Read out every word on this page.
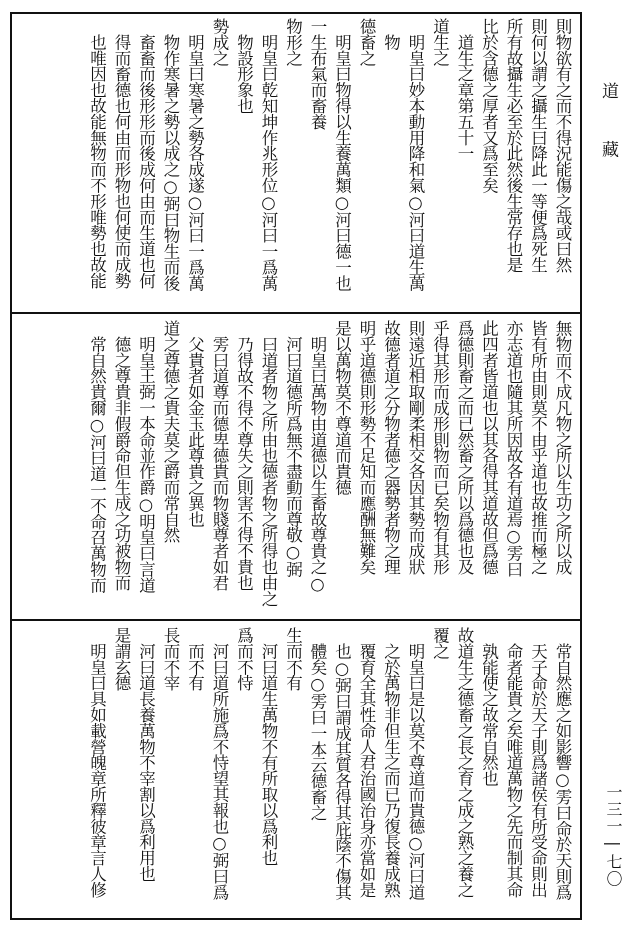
則物欲有之而不得況能傷之哉或曰然
則何以謂之攝生曰降此一等便爲死生
所有故攝生必至於此然後生常存也是
比於含德之厚者又爲至矣
　道生之章第五十一
道生之
　明皇曰妙本動用降和氣○河曰道生萬
　物
德畜之
　明皇曰物得以生養萬類○河曰德一也
一生布氣而畜養
物形之
　明皇曰乾知坤作兆形位○河曰一爲萬
　物設形象也
勢成之
　明皇曰寒暑之勢各成遂○河曰一爲萬
　物作寒暑之勢以成之○弼曰物生而後
　畜畜而後形形而後成何由而生道也何
　得而畜德也何由而形物也何使而成勢
　也唯因也故能無物而不形唯勢也故能
無物而不成凡物之所以生功之所以成
皆有所由則莫不由乎道也故推而極之
亦志道也隨其所因故各有道焉○雱曰
此四者皆道也以其各得其道故但爲德
爲德則畜之而已然畜之所以爲德也及
乎得其形而成形則物而已矣物有其形
則遠近相取剛柔相交各因其勢而成狀
故德者道之分物者德之器勢者物之理
明乎道德則形勢不足知而應酬無難矣
是以萬物莫不尊道而貴德
　明皇曰萬物由道德以生畜故尊貴之○
　河曰道德所爲無不盡動而尊敬○弼
　曰道者物之所由也德者物之所得也由之
　乃得故不得不尊失之則害不得不貴也
　雱曰道尊而德卑德貴而物賤尊者如君
　父貴者如金玉此尊貴之異也
道之尊德之貴夫莫之爵而常自然
　明皇王弼一本命並作爵○明皇曰言道
　德之尊貴非假爵命但生成之功被物而
　常自然貴爾○河曰道一不命召萬物而
　常自然應之如影響○雱曰命於天則爲
　天子命於天子則爲諸侯有所受命則出
　命者能貴之矣唯道萬物之先而制其命
　孰能使之故常自然也
故道生之德畜之長之育之成之熟之養之
覆之
　明皇曰是以莫不尊道而貴德○河曰道
　之於萬物非但生之而已乃復長養成熟
　覆育全其性命人君治國治身亦當如是
　也○弼曰謂成其質各得其庇蔭不傷其
　體矣○雱曰一本云德畜之
生而不有
　河曰道生萬物不有所取以爲利也
爲而不恃
　河曰道所施爲不恃望其報也○弼曰爲
　而不有
長而不宰
　河曰道長養萬物不宰割以爲利用也
是謂玄德
　明皇曰具如載營魄章所釋彼章言人修
道 藏
一三一 | 七〇
